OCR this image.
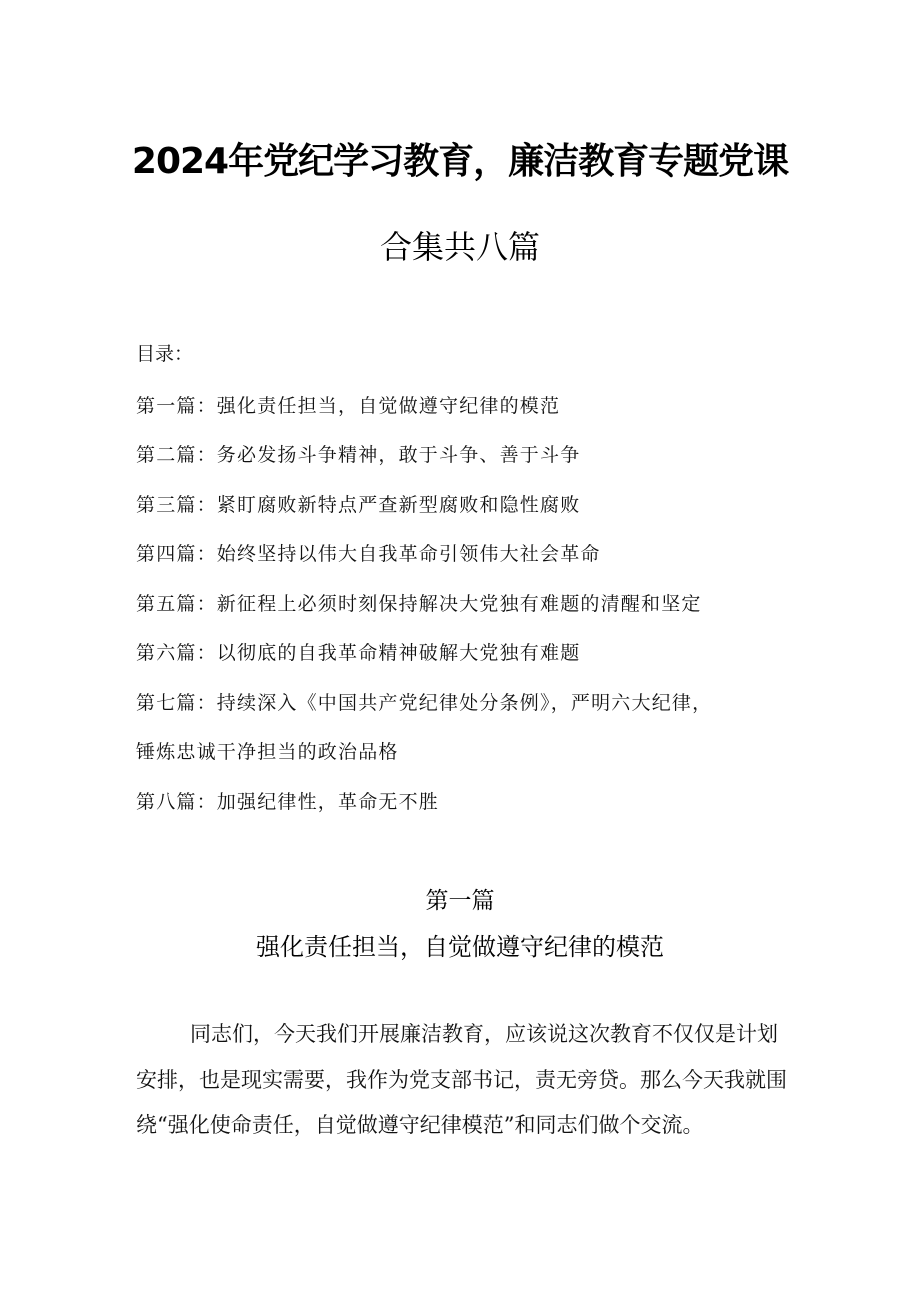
2024年党纪学习教育，廉洁教育专题党课
合集共八篇
目录：
第一篇：强化责任担当，自觉做遵守纪律的模范
第二篇：务必发扬斗争精神，敢于斗争、善于斗争
第三篇：紧盯腐败新特点严查新型腐败和隐性腐败
第四篇：始终坚持以伟大自我革命引领伟大社会革命
第五篇：新征程上必须时刻保持解决大党独有难题的清醒和坚定
第六篇：以彻底的自我革命精神破解大党独有难题
第七篇：持续深入《中国共产党纪律处分条例》，严明六大纪律，
锤炼忠诚干净担当的政治品格
第八篇：加强纪律性，革命无不胜
第一篇
强化责任担当，自觉做遵守纪律的模范
同志们，今天我们开展廉洁教育，应该说这次教育不仅仅是计划
安排，也是现实需要，我作为党支部书记，责无旁贷。那么今天我就围
绕“强化使命责任，自觉做遵守纪律模范”和同志们做个交流。
